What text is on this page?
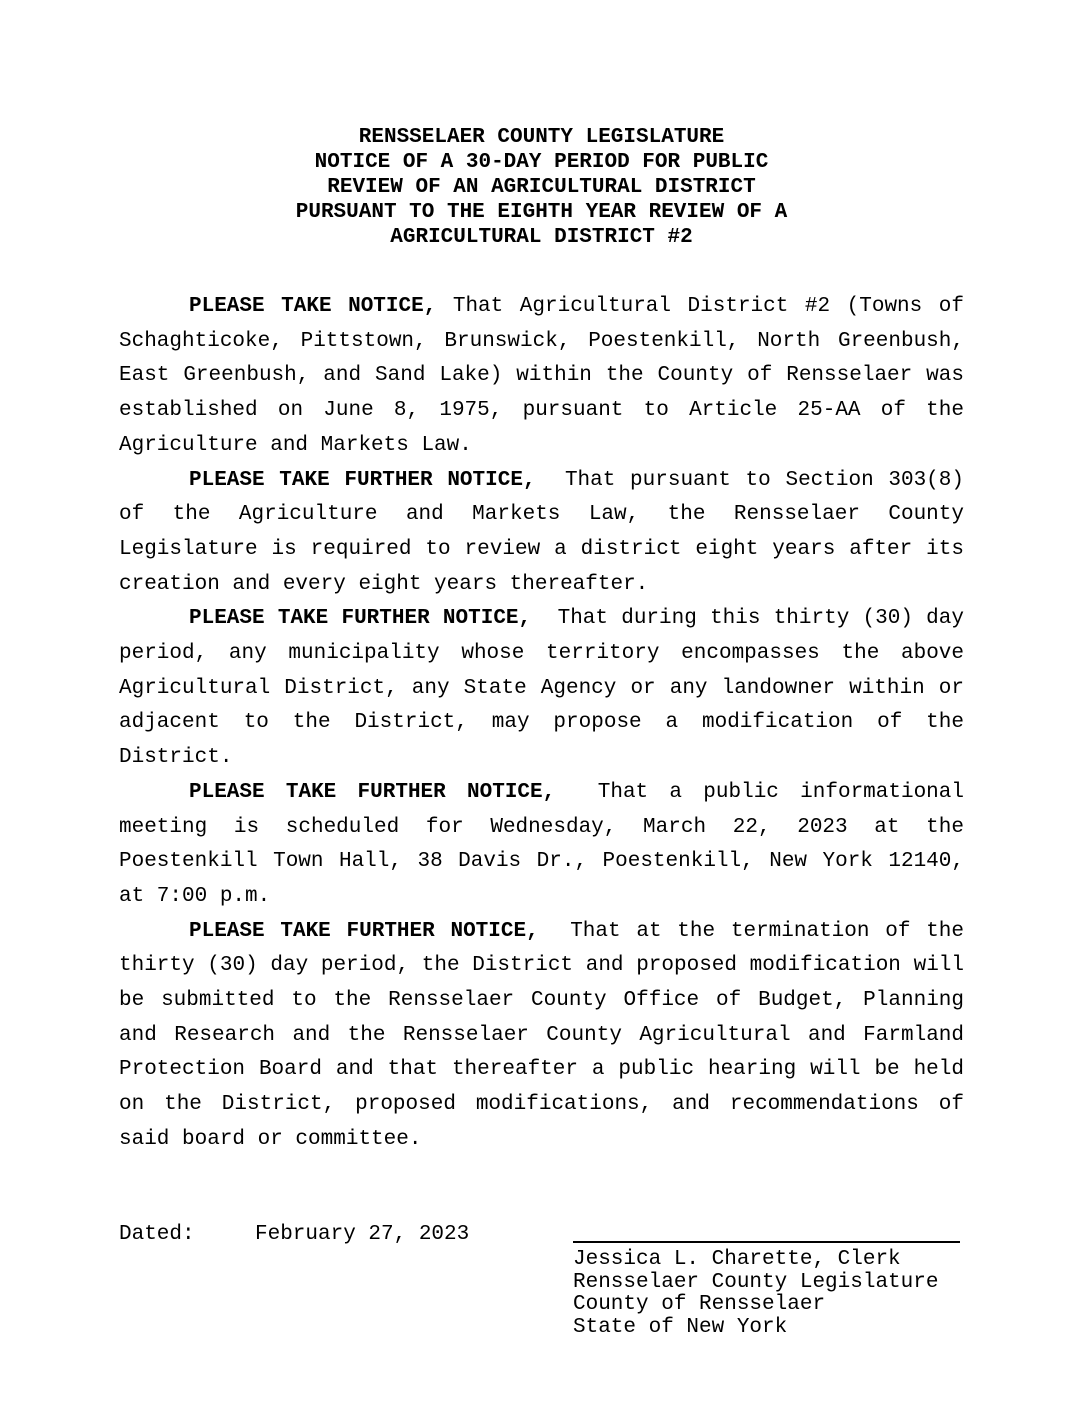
RENSSELAER COUNTY LEGISLATURE
NOTICE OF A 30-DAY PERIOD FOR PUBLIC
REVIEW OF AN AGRICULTURAL DISTRICT
PURSUANT TO THE EIGHTH YEAR REVIEW OF A
AGRICULTURAL DISTRICT #2

PLEASE TAKE NOTICE, That Agricultural District #2 (Towns of Schaghticoke, Pittstown, Brunswick, Poestenkill, North Greenbush, East Greenbush, and Sand Lake) within the County of Rensselaer was established on June 8, 1975, pursuant to Article 25-AA of the Agriculture and Markets Law.

PLEASE TAKE FURTHER NOTICE,  That pursuant to Section 303(8) of the Agriculture and Markets Law, the Rensselaer County Legislature is required to review a district eight years after its creation and every eight years thereafter.

PLEASE TAKE FURTHER NOTICE,  That during this thirty (30) day period, any municipality whose territory encompasses the above Agricultural District, any State Agency or any landowner within or adjacent to the District, may propose a modification of the District.

PLEASE TAKE FURTHER NOTICE,  That a public informational meeting is scheduled for Wednesday, March 22, 2023 at the Poestenkill Town Hall, 38 Davis Dr., Poestenkill, New York 12140, at 7:00 p.m.

PLEASE TAKE FURTHER NOTICE,  That at the termination of the thirty (30) day period, the District and proposed modification will be submitted to the Rensselaer County Office of Budget, Planning and Research and the Rensselaer County Agricultural and Farmland Protection Board and that thereafter a public hearing will be held on the District, proposed modifications, and recommendations of said board or committee.

Dated:	February 27, 2023
Jessica L. Charette, Clerk
Rensselaer County Legislature
County of Rensselaer
State of New York
